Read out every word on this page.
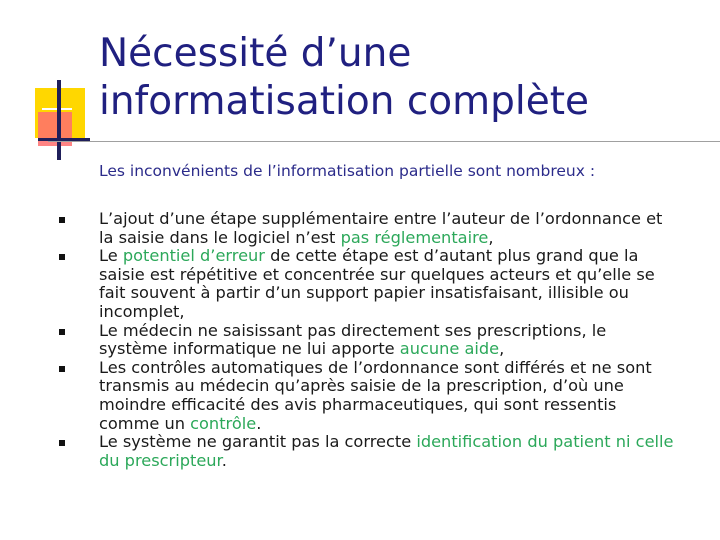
Nécessité d’une informatisation complète

Les inconvénients de l’informatisation partielle sont nombreux :

L’ajout d’une étape supplémentaire entre l’auteur de l’ordonnance et la saisie dans le logiciel n’est pas réglementaire,
Le potentiel d’erreur de cette étape est d’autant plus grand que la saisie est répétitive et concentrée sur quelques acteurs et qu’elle se fait souvent à partir d’un support papier insatisfaisant, illisible ou incomplet,
Le médecin ne saisissant pas directement ses prescriptions, le système informatique ne lui apporte aucune aide,
Les contrôles automatiques de l’ordonnance sont différés et ne sont transmis au médecin qu’après saisie de la prescription, d’où une moindre efficacité des avis pharmaceutiques, qui sont ressentis comme un contrôle.
Le système ne garantit pas la correcte identification du patient ni celle du prescripteur.
